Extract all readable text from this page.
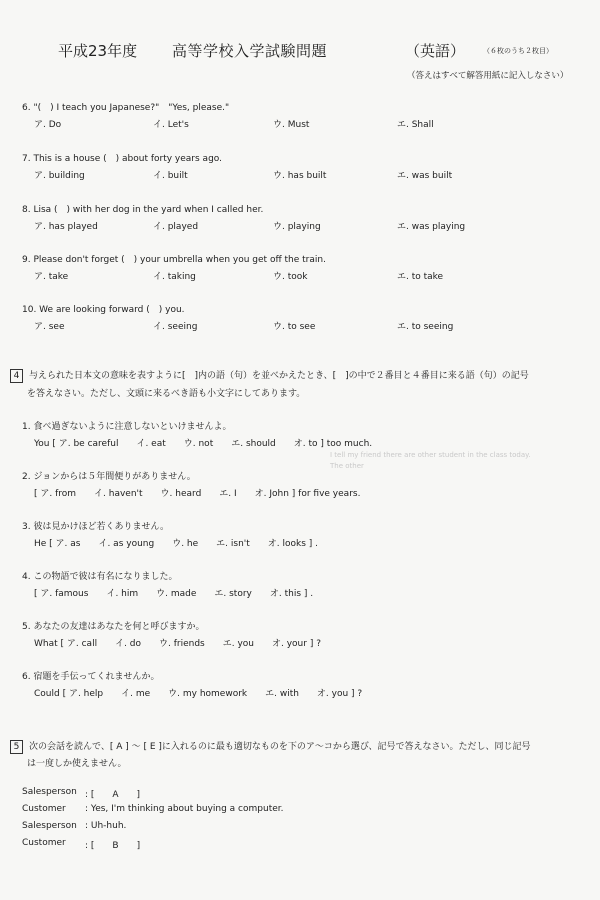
平成23年度 高等学校入学試験問題	（英語）	（６枚のうち２枚目）
（答えはすべて解答用紙に記入しなさい）
I tell my friend there are other student in the class today.
The other
6. "(　) I teach you Japanese?"　"Yes, please."
ア. Do	イ. Let's	ウ. Must	エ. Shall
7. This is a house (　) about forty years ago.
ア. building	イ. built	ウ. has built	エ. was built
8. Lisa (　) with her dog in the yard when I called her.
ア. has played	イ. played	ウ. playing	エ. was playing
9. Please don't forget (　) your umbrella when you get off the train.
ア. take	イ. taking	ウ. took	エ. to take
10. We are looking forward (　) you.
ア. see	イ. seeing	ウ. to see	エ. to seeing
4 与えられた日本文の意味を表すように[　]内の語（句）を並べかえたとき、[　]の中で２番目と４番目に来る語（句）の記号
を答えなさい。ただし、文頭に来るべき語も小文字にしてあります。
1. 食べ過ぎないように注意しないといけませんよ。
You [ ア. be careful　　イ. eat　　ウ. not　　エ. should　　オ. to ] too much.
2. ジョンからは５年間便りがありません。
[ ア. from　　イ. haven't　　ウ. heard　　エ. I　　オ. John ] for five years.
3. 彼は見かけほど若くありません。
He [ ア. as　　イ. as young　　ウ. he　　エ. isn't　　オ. looks ] .
4. この物語で彼は有名になりました。
[ ア. famous　　イ. him　　ウ. made　　エ. story　　オ. this ] .
5. あなたの友達はあなたを何と呼びますか。
What [ ア. call　　イ. do　　ウ. friends　　エ. you　　オ. your ] ?
6. 宿題を手伝ってくれませんか。
Could [ ア. help　　イ. me　　ウ. my homework　　エ. with　　オ. you ] ?
5 次の会話を読んで、[ A ] ～ [ E ]に入れるのに最も適切なものを下のア～コから選び、記号で答えなさい。ただし、同じ記号
は一度しか使えません。
Salesperson : [　　A　　]
Customer : Yes, I'm thinking about buying a computer.
Salesperson : Uh-huh.
Customer : [　　B　　]
